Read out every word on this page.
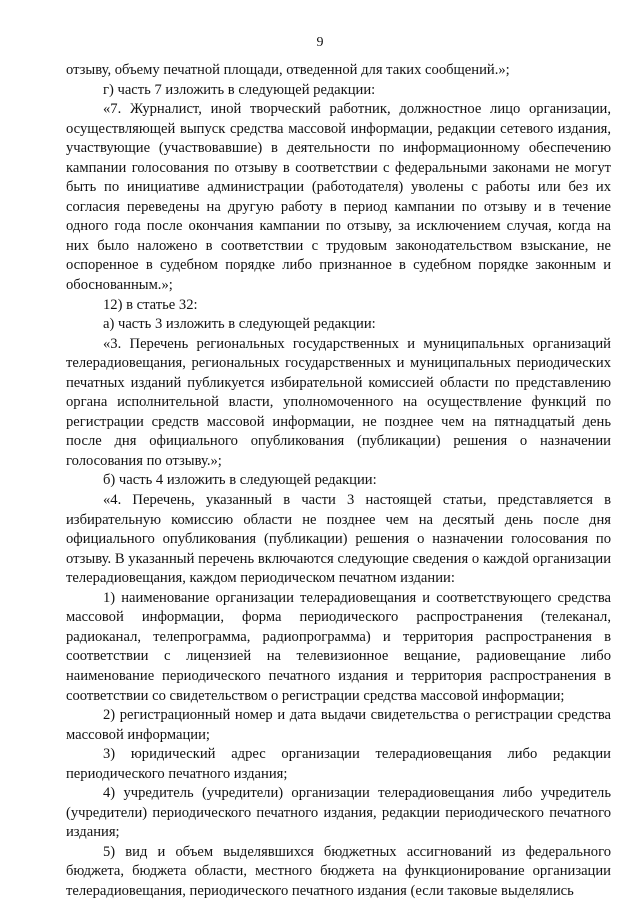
9

отзыву, объему печатной площади, отведенной для таких сообщений.»;

г) часть 7 изложить в следующей редакции:

«7. Журналист, иной творческий работник, должностное лицо организации, осуществляющей выпуск средства массовой информации, редакции сетевого издания, участвующие (участвовавшие) в деятельности по информационному обеспечению кампании голосования по отзыву в соответствии с федеральными законами не могут быть по инициативе администрации (работодателя) уволены с работы или без их согласия переведены на другую работу в период кампании по отзыву и в течение одного года после окончания кампании по отзыву, за исключением случая, когда на них было наложено в соответствии с трудовым законодательством взыскание, не оспоренное в судебном порядке либо признанное в судебном порядке законным и обоснованным.»;

12) в статье 32:

а) часть 3 изложить в следующей редакции:

«3. Перечень региональных государственных и муниципальных организаций телерадиовещания, региональных государственных и муниципальных периодических печатных изданий публикуется избирательной комиссией области по представлению органа исполнительной власти, уполномоченного на осуществление функций по регистрации средств массовой информации, не позднее чем на пятнадцатый день после дня официального опубликования (публикации) решения о назначении голосования по отзыву.»;

б) часть 4 изложить в следующей редакции:

«4. Перечень, указанный в части 3 настоящей статьи, представляется в избирательную комиссию области не позднее чем на десятый день после дня официального опубликования (публикации) решения о назначении голосования по отзыву. В указанный перечень включаются следующие сведения о каждой организации телерадиовещания, каждом периодическом печатном издании:

1) наименование организации телерадиовещания и соответствующего средства массовой информации, форма периодического распространения (телеканал, радиоканал, телепрограмма, радиопрограмма) и территория распространения в соответствии с лицензией на телевизионное вещание, радиовещание либо наименование периодического печатного издания и территория распространения в соответствии со свидетельством о регистрации средства массовой информации;

2) регистрационный номер и дата выдачи свидетельства о регистрации средства массовой информации;

3) юридический адрес организации телерадиовещания либо редакции периодического печатного издания;

4) учредитель (учредители) организации телерадиовещания либо учредитель (учредители) периодического печатного издания, редакции периодического печатного издания;

5) вид и объем выделявшихся бюджетных ассигнований из федерального бюджета, бюджета области, местного бюджета на функционирование организации телерадиовещания, периодического печатного издания (если таковые выделялись
